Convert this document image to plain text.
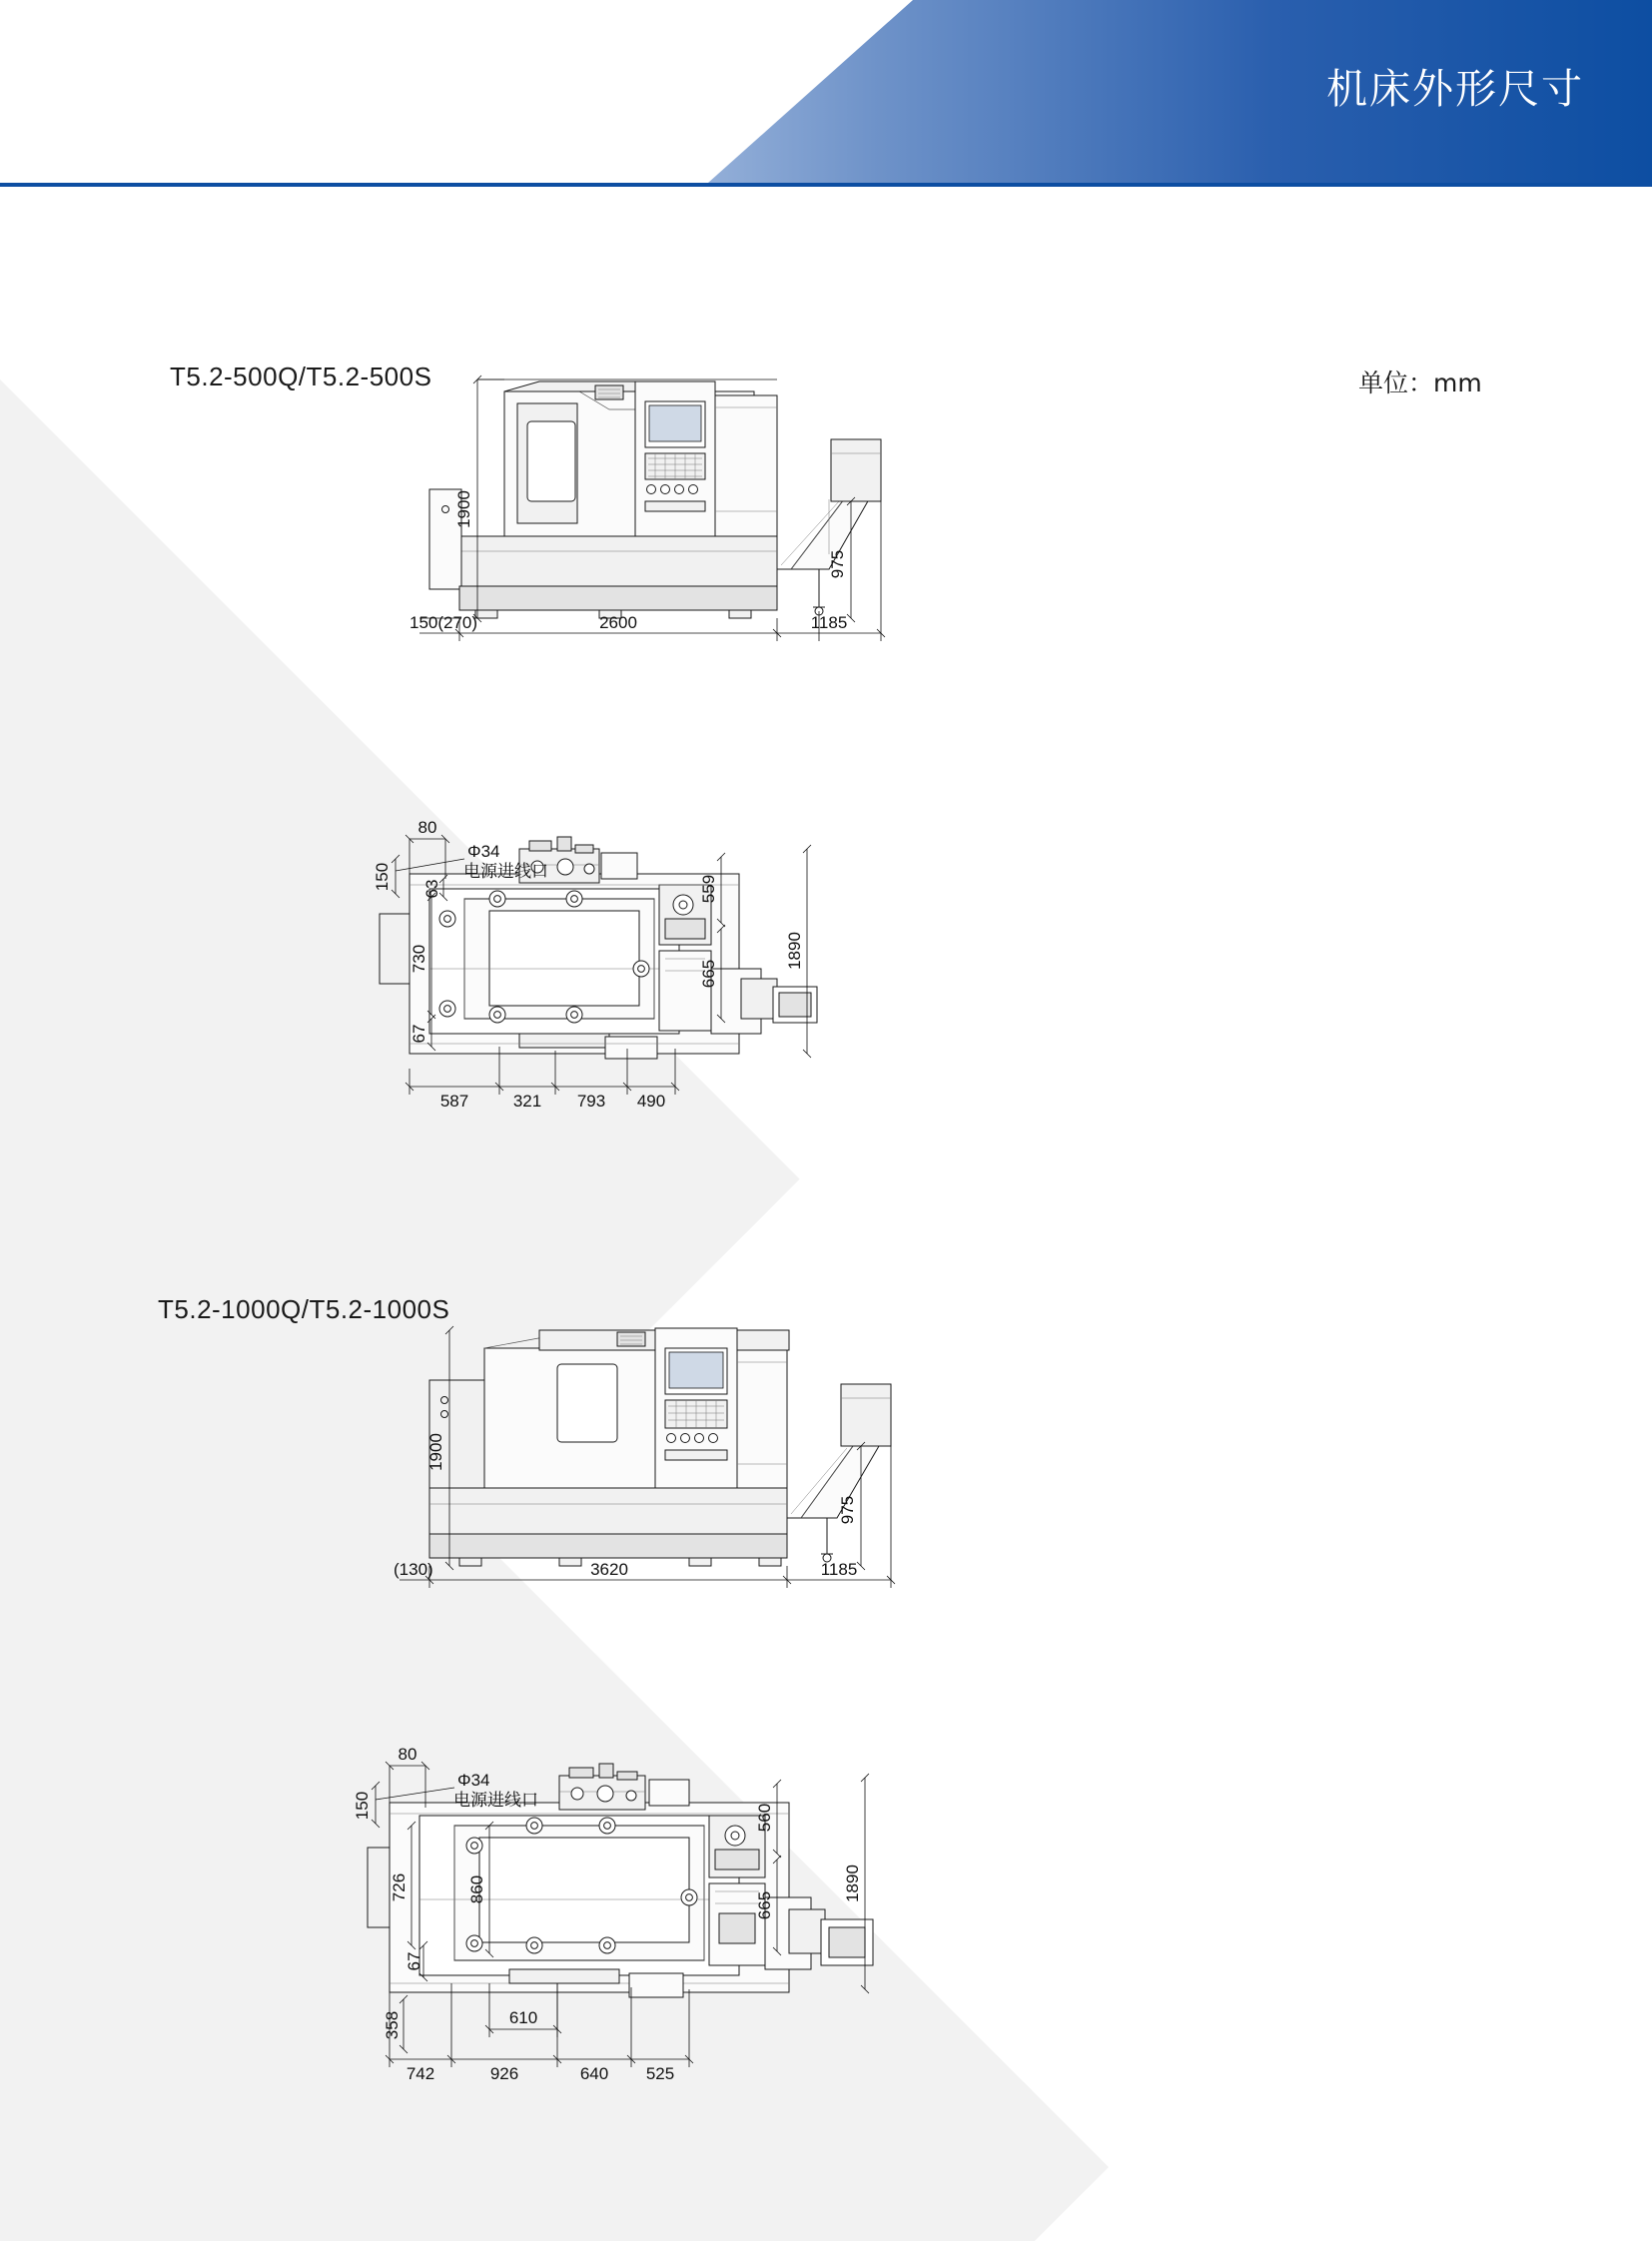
机床外形尺寸
T5.2-500Q/T5.2-500S	单位：mm
T5.2-1000Q/T5.2-1000S
1900
150(270)	2600	1185
975
80
150
Φ34
电源进线口
730
63
67
559
665
1890
587	321 793 490
1900
975
(130)	3620	1185
80
150
Φ34
电源进线口
726
67
860
560
665
1890
358	610
742	926	640 525
